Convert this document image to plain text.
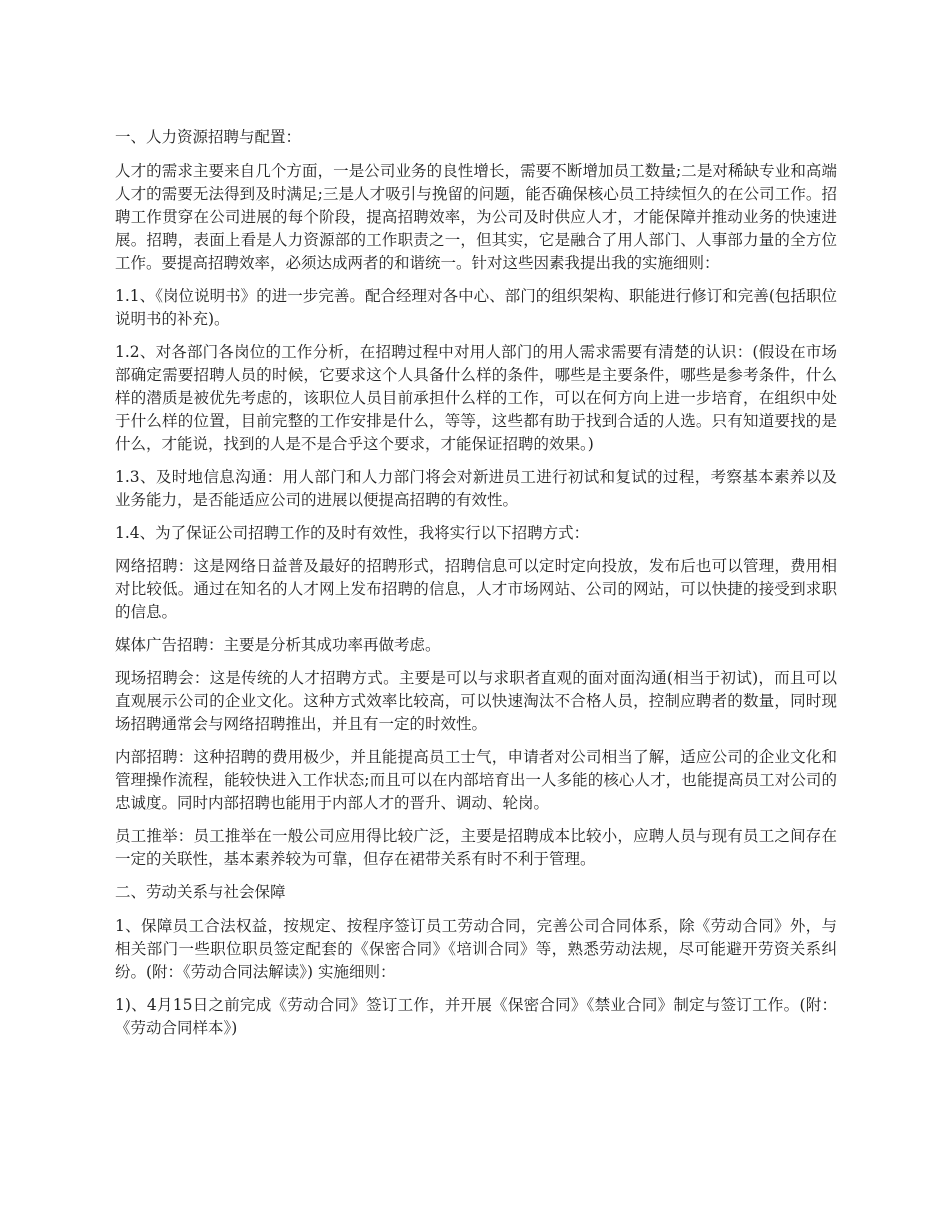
一、人力资源招聘与配置：

人才的需求主要来自几个方面，一是公司业务的良性增长，需要不断增加员工数量;二是对稀缺专业和高端人才的需要无法得到及时满足;三是人才吸引与挽留的问题，能否确保核心员工持续恒久的在公司工作。招聘工作贯穿在公司进展的每个阶段，提高招聘效率，为公司及时供应人才，才能保障并推动业务的快速进展。招聘，表面上看是人力资源部的工作职责之一，但其实，它是融合了用人部门、人事部力量的全方位工作。要提高招聘效率，必须达成两者的和谐统一。针对这些因素我提出我的实施细则：

1.1、《岗位说明书》的进一步完善。配合经理对各中心、部门的组织架构、职能进行修订和完善(包括职位说明书的补充)。

1.2、对各部门各岗位的工作分析，在招聘过程中对用人部门的用人需求需要有清楚的认识：(假设在市场部确定需要招聘人员的时候，它要求这个人具备什么样的条件，哪些是主要条件，哪些是参考条件，什么样的潜质是被优先考虑的，该职位人员目前承担什么样的工作，可以在何方向上进一步培育，在组织中处于什么样的位置，目前完整的工作安排是什么，等等，这些都有助于找到合适的人选。只有知道要找的是什么，才能说，找到的人是不是合乎这个要求，才能保证招聘的效果。)

1.3、及时地信息沟通：用人部门和人力部门将会对新进员工进行初试和复试的过程，考察基本素养以及业务能力，是否能适应公司的进展以便提高招聘的有效性。

1.4、为了保证公司招聘工作的及时有效性，我将实行以下招聘方式：

网络招聘：这是网络日益普及最好的招聘形式，招聘信息可以定时定向投放，发布后也可以管理，费用相对比较低。通过在知名的人才网上发布招聘的信息，人才市场网站、公司的网站，可以快捷的接受到求职的信息。

媒体广告招聘：主要是分析其成功率再做考虑。

现场招聘会：这是传统的人才招聘方式。主要是可以与求职者直观的面对面沟通(相当于初试)，而且可以直观展示公司的企业文化。这种方式效率比较高，可以快速淘汰不合格人员，控制应聘者的数量，同时现场招聘通常会与网络招聘推出，并且有一定的时效性。

内部招聘：这种招聘的费用极少，并且能提高员工士气，申请者对公司相当了解，适应公司的企业文化和管理操作流程，能较快进入工作状态;而且可以在内部培育出一人多能的核心人才，也能提高员工对公司的忠诚度。同时内部招聘也能用于内部人才的晋升、调动、轮岗。

员工推举：员工推举在一般公司应用得比较广泛，主要是招聘成本比较小，应聘人员与现有员工之间存在一定的关联性，基本素养较为可靠，但存在裙带关系有时不利于管理。

二、劳动关系与社会保障

1、保障员工合法权益，按规定、按程序签订员工劳动合同，完善公司合同体系，除《劳动合同》外，与相关部门一些职位职员签定配套的《保密合同》《培训合同》等，熟悉劳动法规，尽可能避开劳资关系纠纷。(附：《劳动合同法解读》) 实施细则：

1)、4月15日之前完成《劳动合同》签订工作，并开展《保密合同》《禁业合同》制定与签订工作。(附：《劳动合同样本》)
